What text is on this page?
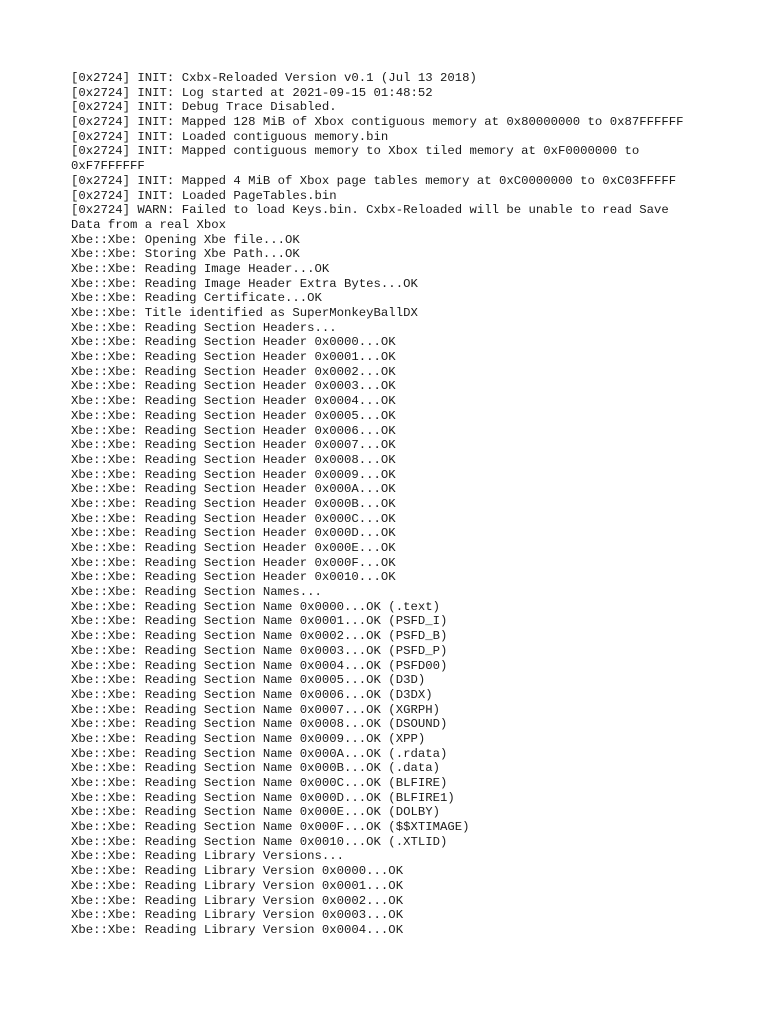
[0x2724] INIT: Cxbx-Reloaded Version v0.1 (Jul 13 2018)
[0x2724] INIT: Log started at 2021-09-15 01:48:52
[0x2724] INIT: Debug Trace Disabled.
[0x2724] INIT: Mapped 128 MiB of Xbox contiguous memory at 0x80000000 to 0x87FFFFFF
[0x2724] INIT: Loaded contiguous memory.bin
[0x2724] INIT: Mapped contiguous memory to Xbox tiled memory at 0xF0000000 to
0xF7FFFFFF
[0x2724] INIT: Mapped 4 MiB of Xbox page tables memory at 0xC0000000 to 0xC03FFFFF
[0x2724] INIT: Loaded PageTables.bin
[0x2724] WARN: Failed to load Keys.bin. Cxbx-Reloaded will be unable to read Save
Data from a real Xbox
Xbe::Xbe: Opening Xbe file...OK
Xbe::Xbe: Storing Xbe Path...OK
Xbe::Xbe: Reading Image Header...OK
Xbe::Xbe: Reading Image Header Extra Bytes...OK
Xbe::Xbe: Reading Certificate...OK
Xbe::Xbe: Title identified as SuperMonkeyBallDX
Xbe::Xbe: Reading Section Headers...
Xbe::Xbe: Reading Section Header 0x0000...OK
Xbe::Xbe: Reading Section Header 0x0001...OK
Xbe::Xbe: Reading Section Header 0x0002...OK
Xbe::Xbe: Reading Section Header 0x0003...OK
Xbe::Xbe: Reading Section Header 0x0004...OK
Xbe::Xbe: Reading Section Header 0x0005...OK
Xbe::Xbe: Reading Section Header 0x0006...OK
Xbe::Xbe: Reading Section Header 0x0007...OK
Xbe::Xbe: Reading Section Header 0x0008...OK
Xbe::Xbe: Reading Section Header 0x0009...OK
Xbe::Xbe: Reading Section Header 0x000A...OK
Xbe::Xbe: Reading Section Header 0x000B...OK
Xbe::Xbe: Reading Section Header 0x000C...OK
Xbe::Xbe: Reading Section Header 0x000D...OK
Xbe::Xbe: Reading Section Header 0x000E...OK
Xbe::Xbe: Reading Section Header 0x000F...OK
Xbe::Xbe: Reading Section Header 0x0010...OK
Xbe::Xbe: Reading Section Names...
Xbe::Xbe: Reading Section Name 0x0000...OK (.text)
Xbe::Xbe: Reading Section Name 0x0001...OK (PSFD_I)
Xbe::Xbe: Reading Section Name 0x0002...OK (PSFD_B)
Xbe::Xbe: Reading Section Name 0x0003...OK (PSFD_P)
Xbe::Xbe: Reading Section Name 0x0004...OK (PSFD00)
Xbe::Xbe: Reading Section Name 0x0005...OK (D3D)
Xbe::Xbe: Reading Section Name 0x0006...OK (D3DX)
Xbe::Xbe: Reading Section Name 0x0007...OK (XGRPH)
Xbe::Xbe: Reading Section Name 0x0008...OK (DSOUND)
Xbe::Xbe: Reading Section Name 0x0009...OK (XPP)
Xbe::Xbe: Reading Section Name 0x000A...OK (.rdata)
Xbe::Xbe: Reading Section Name 0x000B...OK (.data)
Xbe::Xbe: Reading Section Name 0x000C...OK (BLFIRE)
Xbe::Xbe: Reading Section Name 0x000D...OK (BLFIRE1)
Xbe::Xbe: Reading Section Name 0x000E...OK (DOLBY)
Xbe::Xbe: Reading Section Name 0x000F...OK ($$XTIMAGE)
Xbe::Xbe: Reading Section Name 0x0010...OK (.XTLID)
Xbe::Xbe: Reading Library Versions...
Xbe::Xbe: Reading Library Version 0x0000...OK
Xbe::Xbe: Reading Library Version 0x0001...OK
Xbe::Xbe: Reading Library Version 0x0002...OK
Xbe::Xbe: Reading Library Version 0x0003...OK
Xbe::Xbe: Reading Library Version 0x0004...OK
